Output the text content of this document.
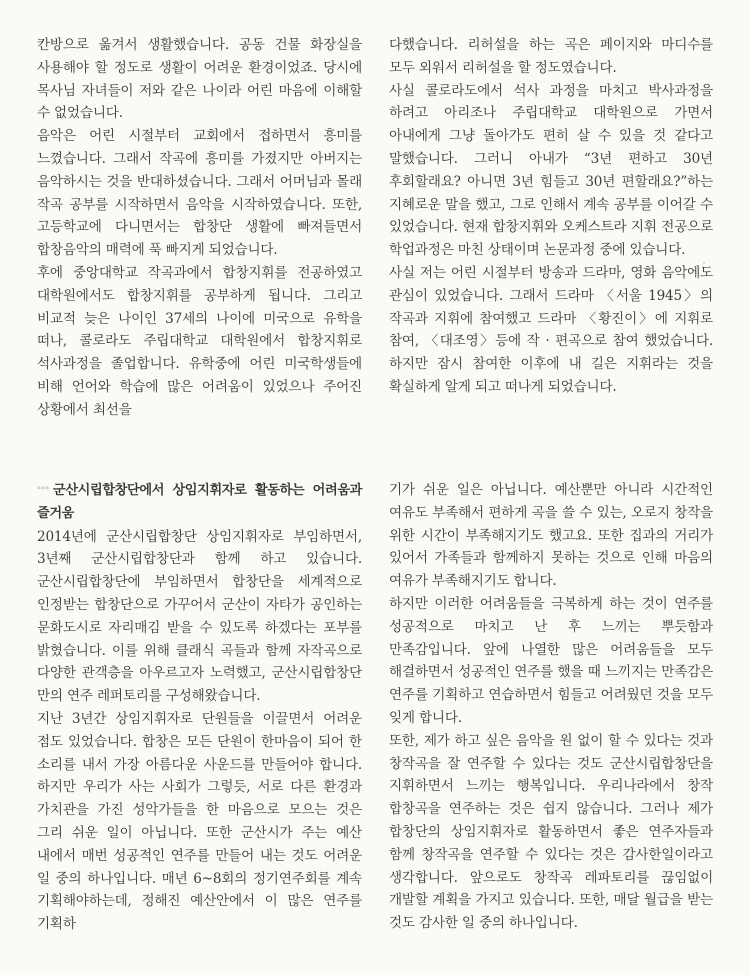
칸방으로 옮겨서 생활했습니다. 공동 건물 화장실을 사용해야 할 정도로 생활이 어려운 환경이었죠. 당시에 목사님 자녀들이 저와 같은 나이라 어린 마음에 이해할 수 없었습니다.

음악은 어린 시절부터 교회에서 접하면서 흥미를 느꼈습니다. 그래서 작곡에 흥미를 가졌지만 아버지는 음악하시는 것을 반대하셨습니다. 그래서 어머님과 몰래 작곡 공부를 시작하면서 음악을 시작하였습니다. 또한, 고등학교에 다니면서는 합창단 생활에 빠져들면서 합창음악의 매력에 푹 빠지게 되었습니다.

후에 중앙대학교 작곡과에서 합창지휘를 전공하였고 대학원에서도 합창지휘를 공부하게 됩니다. 그리고 비교적 늦은 나이인 37세의 나이에 미국으로 유학을 떠나, 콜로라도 주립대학교 대학원에서 합창지휘로 석사과정을 졸업합니다. 유학중에 어린 미국학생들에 비해 언어와 학습에 많은 어려움이 있었으나 주어진 상황에서 최선을

다했습니다. 리허설을 하는 곡은 페이지와 마디수를 모두 외워서 리허설을 할 정도였습니다.

사실 콜로라도에서 석사 과정을 마치고 박사과정을 하려고 아리조나 주립대학교 대학원으로 가면서 아내에게 그냥 돌아가도 편히 살 수 있을 것 같다고 말했습니다. 그러니 아내가 “3년 편하고 30년 후회할래요? 아니면 3년 힘들고 30년 편할래요?”하는 지혜로운 말을 했고, 그로 인해서 계속 공부를 이어갈 수 있었습니다. 현재 합창지휘와 오케스트라 지휘 전공으로 학업과정은 마친 상태이며 논문과정 중에 있습니다.

사실 저는 어린 시절부터 방송과 드라마, 영화 음악에도 관심이 있었습니다. 그래서 드라마 〈서울 1945〉의 작곡과 지휘에 참여했고 드라마 〈황진이〉에 지휘로 참여, 〈대조영〉등에 작 · 편곡으로 참여 했었습니다. 하지만 잠시 참여한 이후에 내 길은 지휘라는 것을 확실하게 알게 되고 떠나게 되었습니다.

*** 군산시립합창단에서 상임지휘자로 활동하는 어려움과 즐거움

2014년에 군산시립합창단 상임지휘자로 부임하면서, 3년째 군산시립합창단과 함께 하고 있습니다. 군산시립합창단에 부임하면서 합창단을 세계적으로 인정받는 합창단으로 가꾸어서 군산이 자타가 공인하는 문화도시로 자리매김 받을 수 있도록 하겠다는 포부를 밝혔습니다. 이를 위해 클래식 곡들과 함께 자작곡으로 다양한 관객층을 아우르고자 노력했고, 군산시립합창단 만의 연주 레퍼토리를 구성해왔습니다.

지난 3년간 상임지휘자로 단원들을 이끌면서 어려운 점도 있었습니다. 합창은 모든 단원이 한마음이 되어 한 소리를 내서 가장 아름다운 사운드를 만들어야 합니다. 하지만 우리가 사는 사회가 그렇듯, 서로 다른 환경과 가치관을 가진 성악가들을 한 마음으로 모으는 것은 그리 쉬운 일이 아닙니다. 또한 군산시가 주는 예산 내에서 매번 성공적인 연주를 만들어 내는 것도 어려운 일 중의 하나입니다. 매년 6~8회의 정기연주회를 계속 기획해야하는데, 정해진 예산안에서 이 많은 연주를 기획하

기가 쉬운 일은 아닙니다. 예산뿐만 아니라 시간적인 여유도 부족해서 편하게 곡을 쓸 수 있는, 오로지 창작을 위한 시간이 부족해지기도 했고요. 또한 집과의 거리가 있어서 가족들과 함께하지 못하는 것으로 인해 마음의 여유가 부족해지기도 합니다.

하지만 이러한 어려움들을 극복하게 하는 것이 연주를 성공적으로 마치고 난 후 느끼는 뿌듯함과 만족감입니다. 앞에 나열한 많은 어려움들을 모두 해결하면서 성공적인 연주를 했을 때 느끼지는 만족감은 연주를 기획하고 연습하면서 힘들고 어려웠던 것을 모두 잊게 합니다.

또한, 제가 하고 싶은 음악을 원 없이 할 수 있다는 것과 창작곡을 잘 연주할 수 있다는 것도 군산시립합창단을 지휘하면서 느끼는 행복입니다. 우리나라에서 창작 합창곡을 연주하는 것은 쉽지 않습니다. 그러나 제가 합창단의 상임지휘자로 활동하면서 좋은 연주자들과 함께 창작곡을 연주할 수 있다는 것은 감사한일이라고 생각합니다. 앞으로도 창작곡 레파토리를 끊임없이 개발할 계획을 가지고 있습니다. 또한, 매달 월급을 받는 것도 감사한 일 중의 하나입니다.
